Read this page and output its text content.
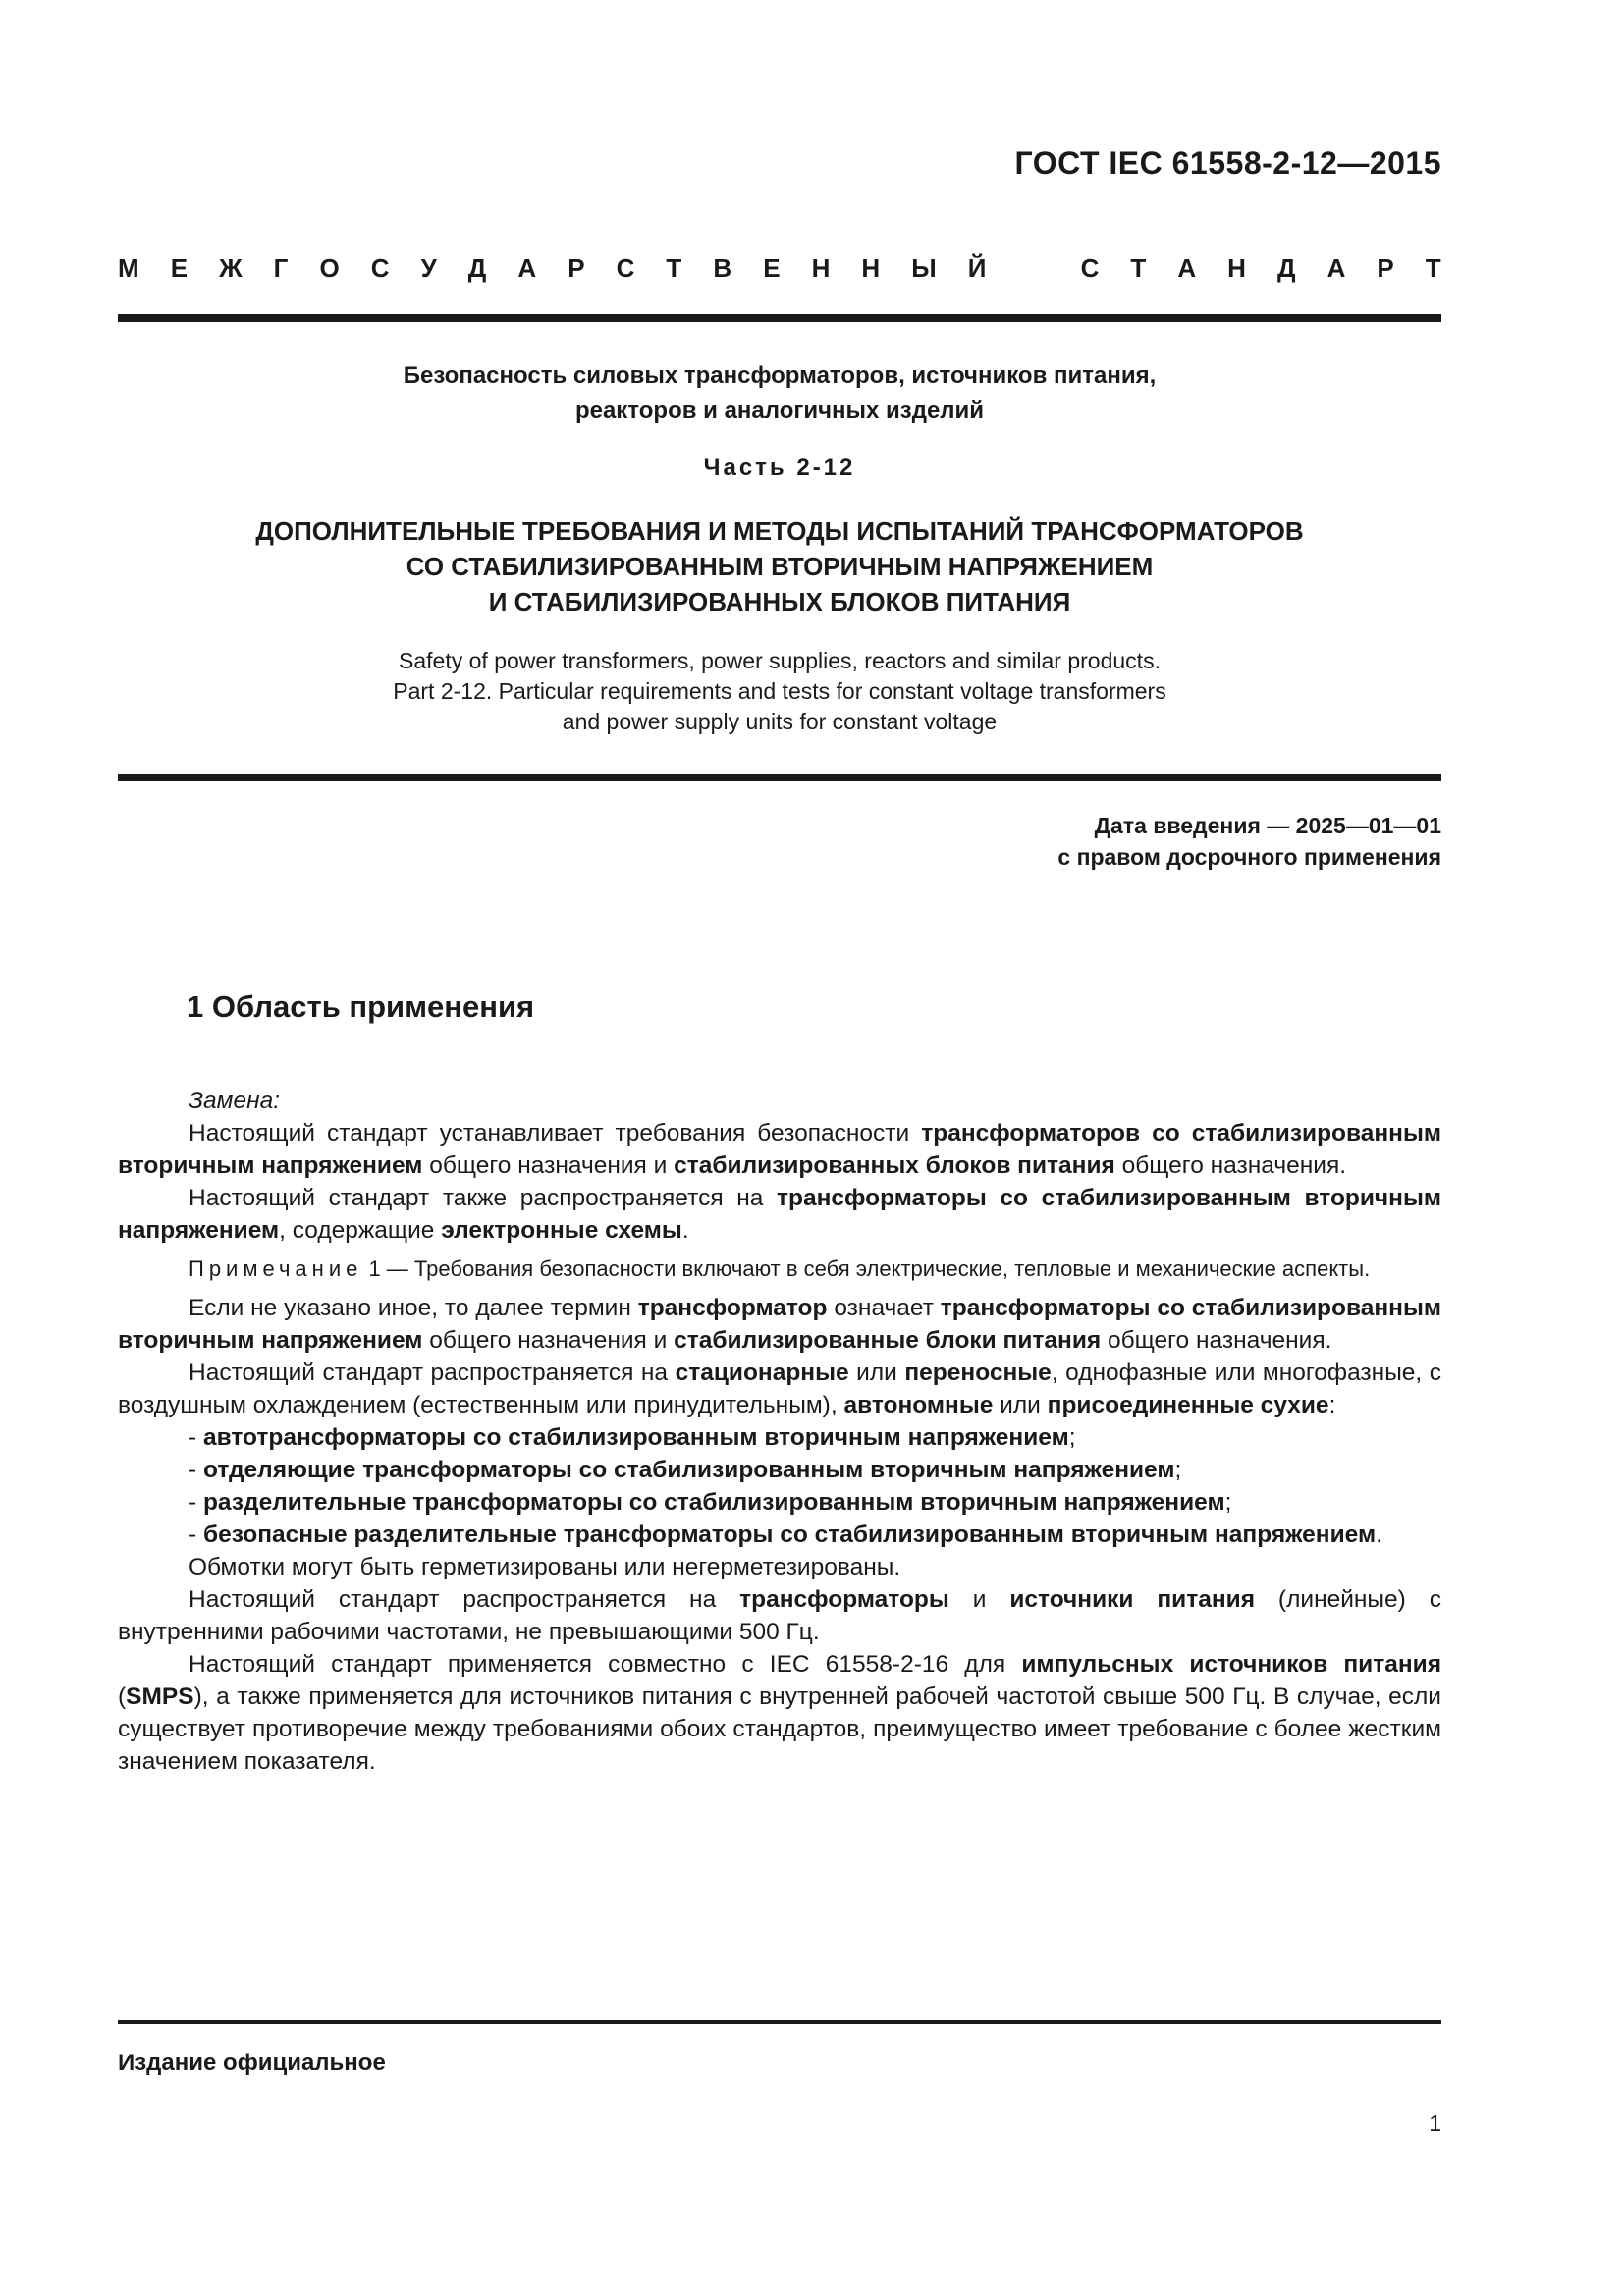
ГОСТ IEC 61558-2-12—2015
М Е Ж Г О С У Д А Р С Т В Е Н Н Ы Й	С Т А Н Д А Р Т
Безопасность силовых трансформаторов, источников питания,
реакторов и аналогичных изделий
Часть 2-12
ДОПОЛНИТЕЛЬНЫЕ ТРЕБОВАНИЯ И МЕТОДЫ ИСПЫТАНИЙ ТРАНСФОРМАТОРОВ
СО СТАБИЛИЗИРОВАННЫМ ВТОРИЧНЫМ НАПРЯЖЕНИЕМ
И СТАБИЛИЗИРОВАННЫХ БЛОКОВ ПИТАНИЯ
Safety of power transformers, power supplies, reactors and similar products.
Part 2-12. Particular requirements and tests for constant voltage transformers
and power supply units for constant voltage
Дата введения — 2025—01—01
с правом досрочного применения
1 Область применения

Замена:

Настоящий стандарт устанавливает требования безопасности трансформаторов со стабилизированным вторичным напряжением общего назначения и стабилизированных блоков питания общего назначения.

Настоящий стандарт также распространяется на трансформаторы со стабилизированным вторичным напряжением, содержащие электронные схемы.

Примечание 1 — Требования безопасности включают в себя электрические, тепловые и механические аспекты.

Если не указано иное, то далее термин трансформатор означает трансформаторы со стабилизированным вторичным напряжением общего назначения и стабилизированные блоки питания общего назначения.

Настоящий стандарт распространяется на стационарные или переносные, однофазные или многофазные, с воздушным охлаждением (естественным или принудительным), автономные или присоединенные сухие:

- автотрансформаторы со стабилизированным вторичным напряжением;

- отделяющие трансформаторы со стабилизированным вторичным напряжением;

- разделительные трансформаторы со стабилизированным вторичным напряжением;

- безопасные разделительные трансформаторы со стабилизированным вторичным напряжением.

Обмотки могут быть герметизированы или негерметезированы.

Настоящий стандарт распространяется на трансформаторы и источники питания (линейные) с внутренними рабочими частотами, не превышающими 500 Гц.

Настоящий стандарт применяется совместно с IEC 61558-2-16 для импульсных источников питания (SMPS), а также применяется для источников питания с внутренней рабочей частотой свыше 500 Гц. В случае, если существует противоречие между требованиями обоих стандартов, преимущество имеет требование с более жестким значением показателя.

Издание официальное
1
